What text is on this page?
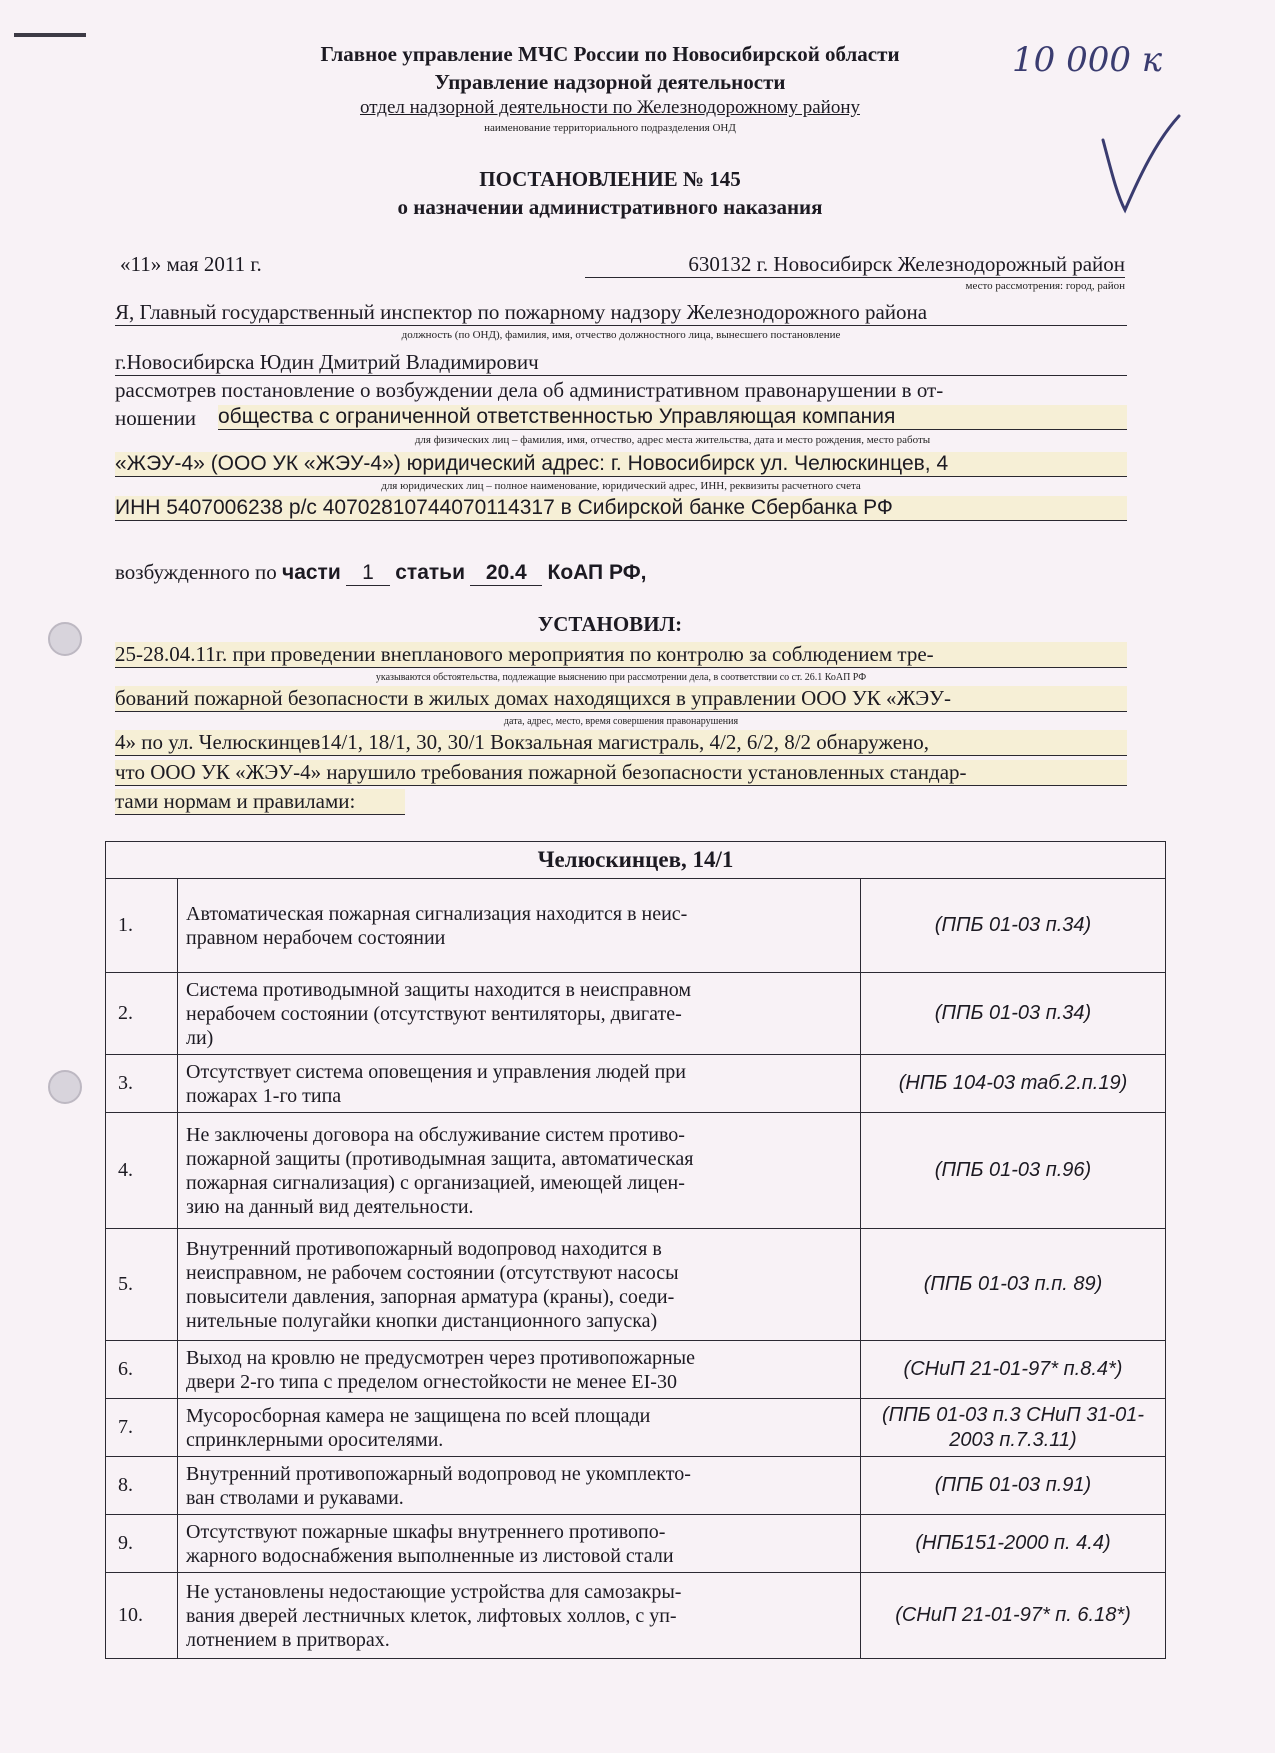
10 000 к
Главное управление МЧС России по Новосибирской области
Управление надзорной деятельности
отдел надзорной деятельности по Железнодорожному району
наименование территориального подразделения ОНД
ПОСТАНОВЛЕНИЕ № 145
о назначении административного наказания
«11» мая 2011 г.	630132 г. Новосибирск Железнодорожный район
место рассмотрения: город, район
Я, Главный государственный инспектор по пожарному надзору Железнодорожного района
должность (по ОНД), фамилия, имя, отчество должностного лица, вынесшего постановление
г.Новосибирска Юдин Дмитрий Владимирович
рассмотрев постановление о возбуждении дела об административном правонарушении в от-
ношении общества с ограниченной ответственностью Управляющая компания
для физических лиц – фамилия, имя, отчество, адрес места жительства, дата и место рождения, место работы
«ЖЭУ-4» (ООО УК «ЖЭУ-4») юридический адрес: г. Новосибирск ул. Челюскинцев, 4
для юридических лиц – полное наименование, юридический адрес, ИНН, реквизиты расчетного счета
ИНН 5407006238 р/с 40702810744070114317 в Сибирской банке Сбербанка РФ
возбужденного по части 1 статьи 20.4 КоАП РФ,
УСТАНОВИЛ:
25-28.04.11г. при проведении внепланового мероприятия по контролю за соблюдением тре-
указываются обстоятельства, подлежащие выяснению при рассмотрении дела, в соответствии со ст. 26.1 КоАП РФ
бований пожарной безопасности в жилых домах находящихся в управлении ООО УК «ЖЭУ-
дата, адрес, место, время совершения правонарушения
4» по ул. Челюскинцев14/1, 18/1, 30, 30/1 Вокзальная магистраль, 4/2, 6/2, 8/2 обнаружено,
что ООО УК «ЖЭУ-4» нарушило требования пожарной безопасности установленных стандар-
тами нормам и правилами:
Челюскинцев, 14/1		
1.	Автоматическая пожарная сигнализация находится в неис-
правном нерабочем состоянии	(ППБ 01-03 п.34)
2.	Система противодымной защиты находится в неисправном
нерабочем состоянии (отсутствуют вентиляторы, двигате-
ли)	(ППБ 01-03 п.34)
3.	Отсутствует система оповещения и управления людей при
пожарах 1-го типа	(НПБ 104-03 таб.2.п.19)
4.	Не заключены договора на обслуживание систем противо-
пожарной защиты (противодымная защита, автоматическая
пожарная сигнализация) с организацией, имеющей лицен-
зию на данный вид деятельности.	(ППБ 01-03 п.96)
5.	Внутренний противопожарный водопровод находится в
неисправном, не рабочем состоянии (отсутствуют насосы
повысители давления, запорная арматура (краны), соеди-
нительные полугайки кнопки дистанционного запуска)	(ППБ 01-03 п.п. 89)
6.	Выход на кровлю не предусмотрен через противопожарные
двери 2-го типа с пределом огнестойкости не менее EI-30	(СНиП 21-01-97* п.8.4*)
7.	Мусоросборная камера не защищена по всей площади
спринклерными оросителями.	(ППБ 01-03 п.3 СНиП 31-01-2003 п.7.3.11)
8.	Внутренний противопожарный водопровод не укомплекто-
ван стволами и рукавами.	(ППБ 01-03 п.91)
9.	Отсутствуют пожарные шкафы внутреннего противопо-
жарного водоснабжения выполненные из листовой стали	(НПБ151-2000 п. 4.4)
10.	Не установлены недостающие устройства для самозакры-
вания дверей лестничных клеток, лифтовых холлов, с уп-
лотнением в притворах.	(СНиП 21-01-97* п. 6.18*)
